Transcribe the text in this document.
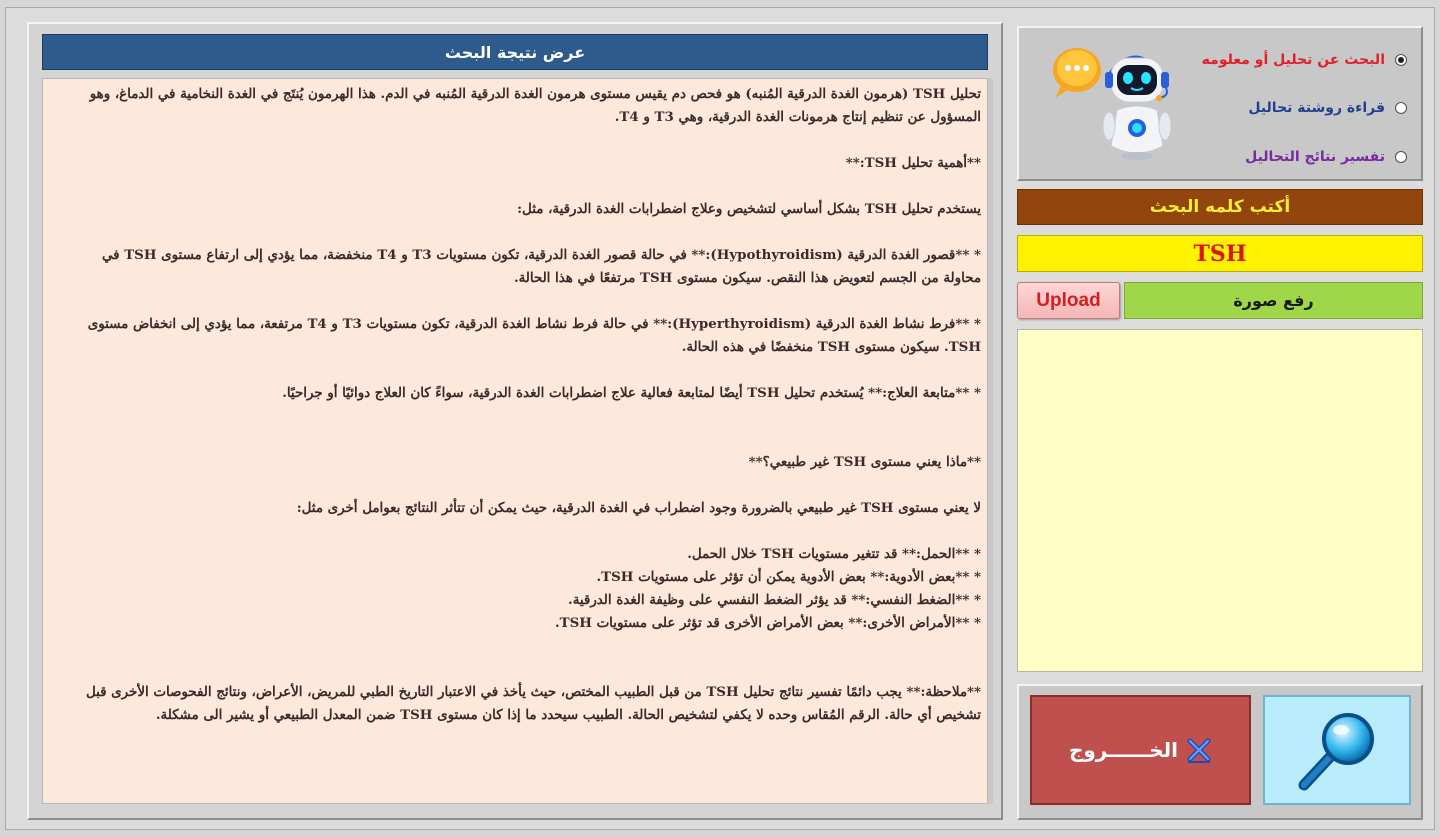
عرض نتيجة البحث

تحليل TSH (هرمون الغدة الدرقية المُنبه) هو فحص دم يقيس مستوى هرمون الغدة الدرقية المُنبه في الدم. هذا الهرمون يُنتَج في الغدة النخامية في الدماغ، وهو المسؤول عن تنظيم إنتاج هرمونات الغدة الدرقية، وهي T3 و T4.

**أهمية تحليل TSH:**

يستخدم تحليل TSH بشكل أساسي لتشخيص وعلاج اضطرابات الغدة الدرقية، مثل:

* **قصور الغدة الدرقية (Hypothyroidism):** في حالة قصور الغدة الدرقية، تكون مستويات T3 و T4 منخفضة، مما يؤدي إلى ارتفاع مستوى TSH في محاولة من الجسم لتعويض هذا النقص. سيكون مستوى TSH مرتفعًا في هذا الحالة.

* **فرط نشاط الغدة الدرقية (Hyperthyroidism):** في حالة فرط نشاط الغدة الدرقية، تكون مستويات T3 و T4 مرتفعة، مما يؤدي إلى انخفاض مستوى TSH. سيكون مستوى TSH منخفضًا في هذه الحالة.

* **متابعة العلاج:** يُستخدم تحليل TSH أيضًا لمتابعة فعالية علاج اضطرابات الغدة الدرقية، سواءً كان العلاج دوائيًا أو جراحيًا.

**ماذا يعني مستوى TSH غير طبيعي؟**

لا يعني مستوى TSH غير طبيعي بالضرورة وجود اضطراب في الغدة الدرقية، حيث يمكن أن تتأثر النتائج بعوامل أخرى مثل:

* **الحمل:** قد تتغير مستويات TSH خلال الحمل.

* **بعض الأدوية:** بعض الأدوية يمكن أن تؤثر على مستويات TSH.

* **الضغط النفسي:** قد يؤثر الضغط النفسي على وظيفة الغدة الدرقية.

* **الأمراض الأخرى:** بعض الأمراض الأخرى قد تؤثر على مستويات TSH.

**ملاحظة:** يجب دائمًا تفسير نتائج تحليل TSH من قبل الطبيب المختص، حيث يأخذ في الاعتبار التاريخ الطبي للمريض، الأعراض، ونتائج الفحوصات الأخرى قبل تشخيص أي حالة. الرقم المُقاس وحده لا يكفي لتشخيص الحالة. الطبيب سيحدد ما إذا كان مستوى TSH ضمن المعدل الطبيعي أو يشير الى مشكلة.

البحث عن تحليل أو معلومه
قراءة روشتة تحاليل
تفسير نتائج التحاليل
أكتب كلمه البحث
TSH
رفع صورة
Upload
الخــــــروج
